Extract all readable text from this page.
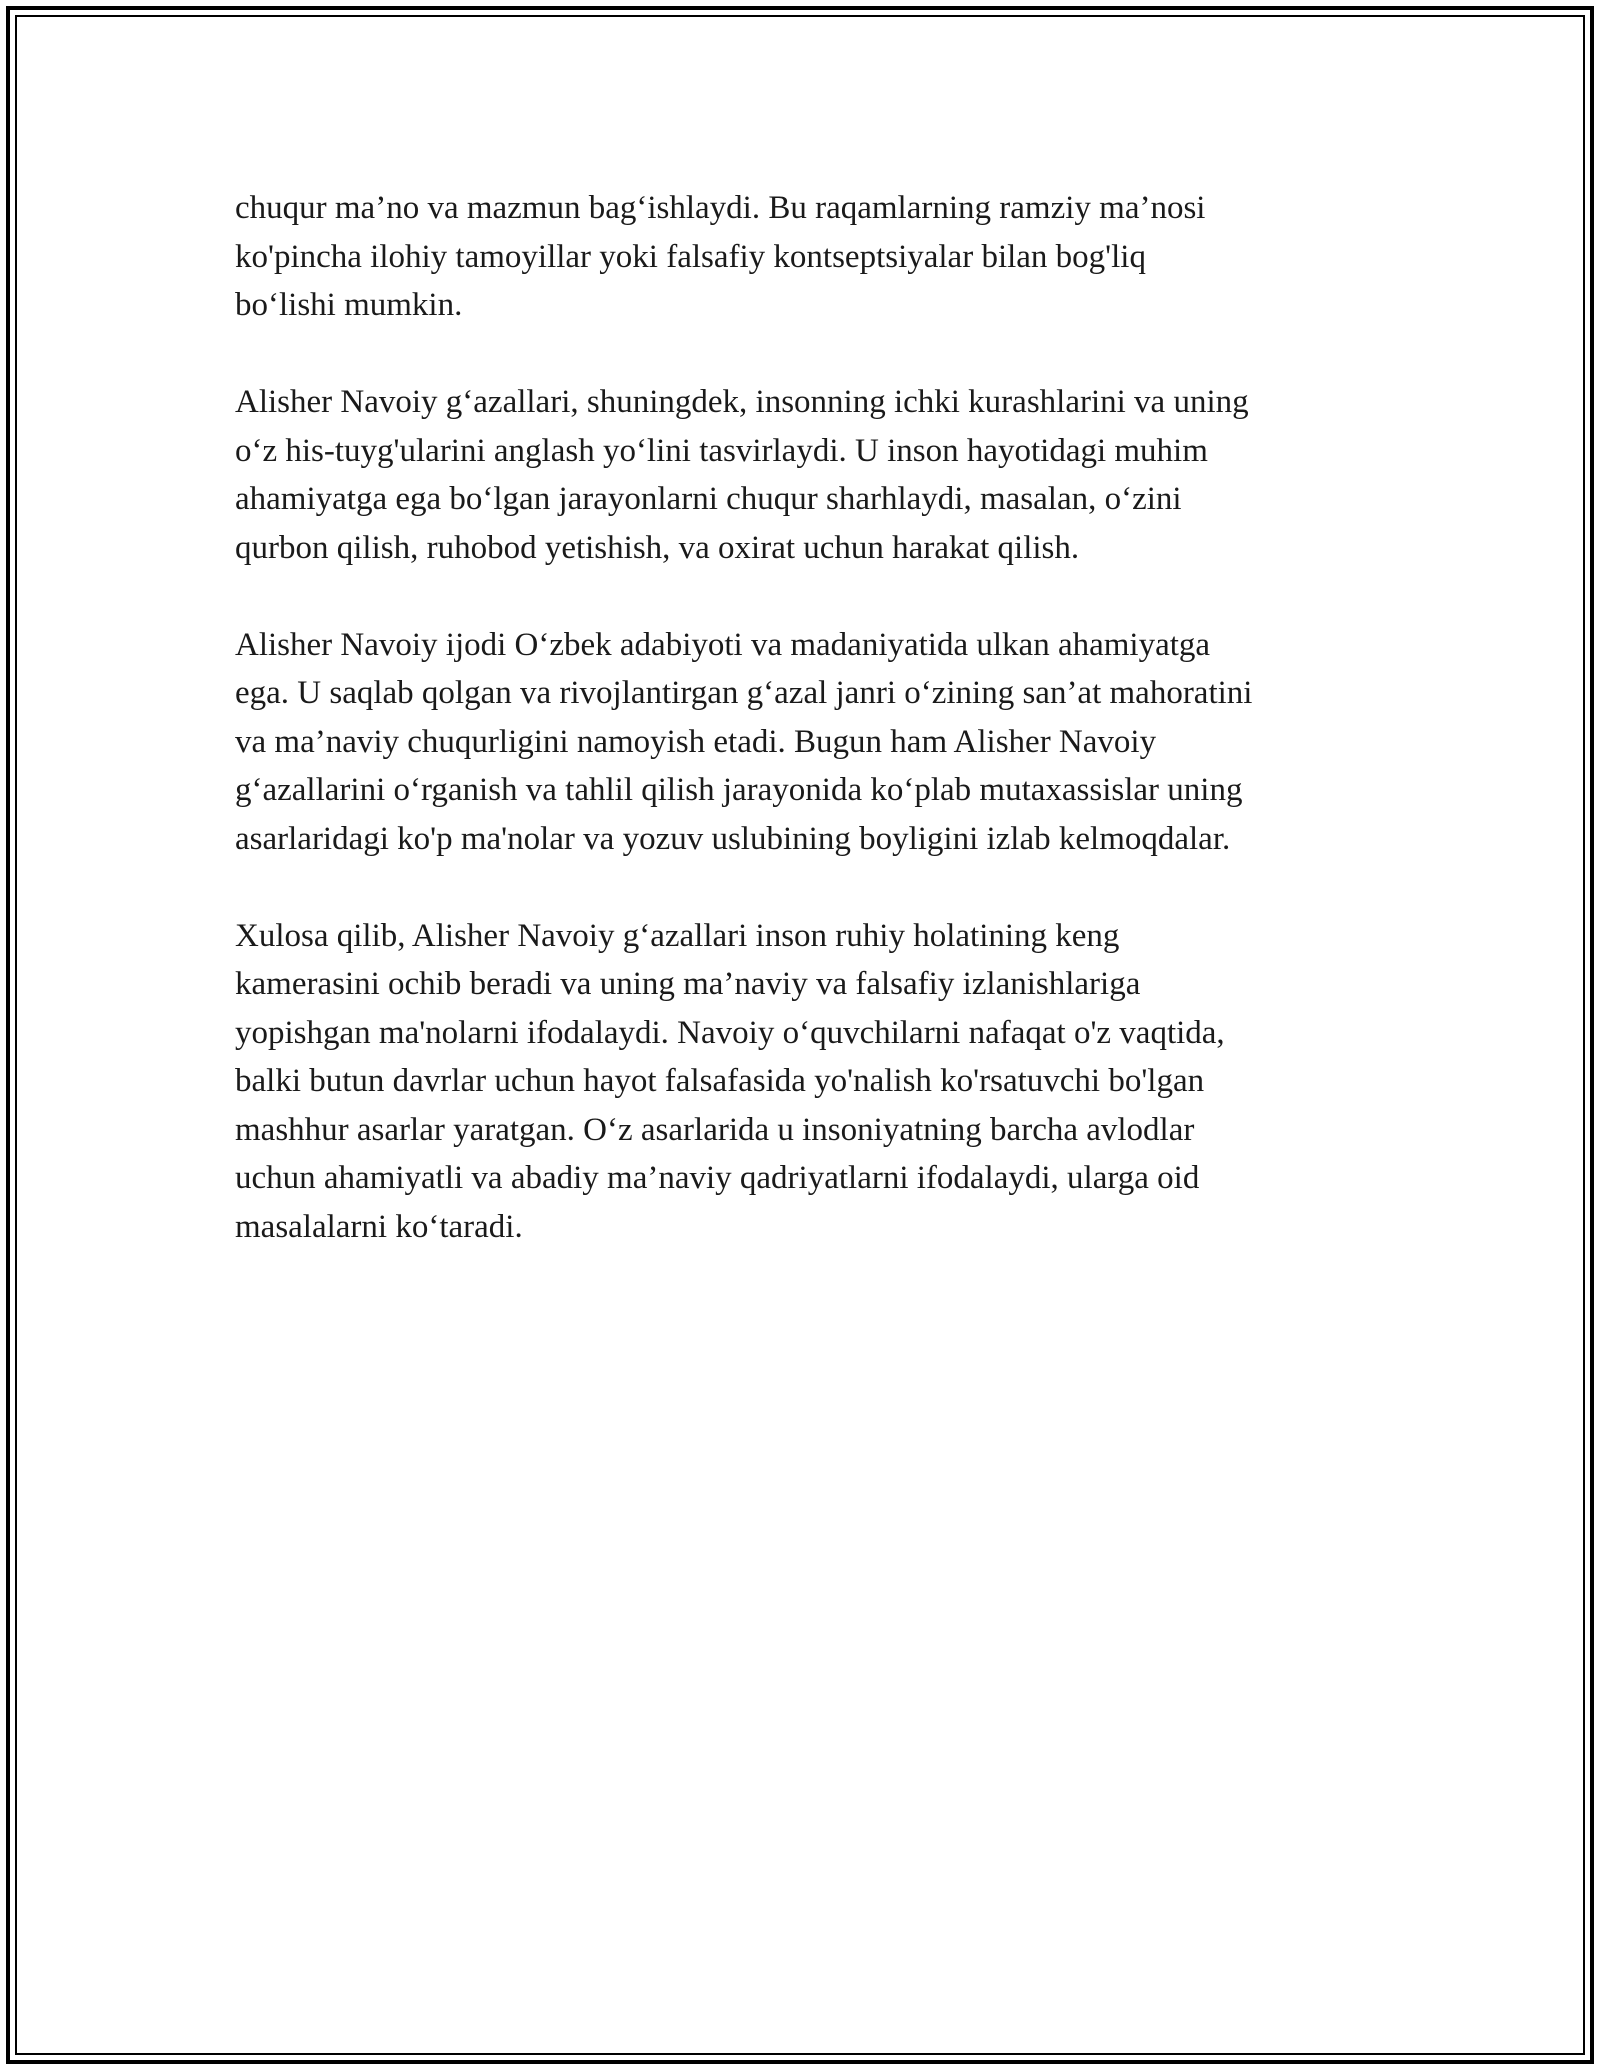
chuqur ma’no va mazmun bag‘ishlaydi. Bu raqamlarning ramziy ma’nosi
ko'pincha ilohiy tamoyillar yoki falsafiy kontseptsiyalar bilan bog'liq
bo‘lishi mumkin.

Alisher Navoiy g‘azallari, shuningdek, insonning ichki kurashlarini va uning
o‘z his-tuyg'ularini anglash yo‘lini tasvirlaydi. U inson hayotidagi muhim
ahamiyatga ega bo‘lgan jarayonlarni chuqur sharhlaydi, masalan, o‘zini
qurbon qilish, ruhobod yetishish, va oxirat uchun harakat qilish.

Alisher Navoiy ijodi O‘zbek adabiyoti va madaniyatida ulkan ahamiyatga
ega. U saqlab qolgan va rivojlantirgan g‘azal janri o‘zining san’at mahoratini
va ma’naviy chuqurligini namoyish etadi. Bugun ham Alisher Navoiy
g‘azallarini o‘rganish va tahlil qilish jarayonida ko‘plab mutaxassislar uning
asarlaridagi ko'p ma'nolar va yozuv uslubining boyligini izlab kelmoqdalar.

Xulosa qilib, Alisher Navoiy g‘azallari inson ruhiy holatining keng
kamerasini ochib beradi va uning ma’naviy va falsafiy izlanishlariga
yopishgan ma'nolarni ifodalaydi. Navoiy o‘quvchilarni nafaqat o'z vaqtida,
balki butun davrlar uchun hayot falsafasida yo'nalish ko'rsatuvchi bo'lgan
mashhur asarlar yaratgan. O‘z asarlarida u insoniyatning barcha avlodlar
uchun ahamiyatli va abadiy ma’naviy qadriyatlarni ifodalaydi, ularga oid
masalalarni ko‘taradi.
